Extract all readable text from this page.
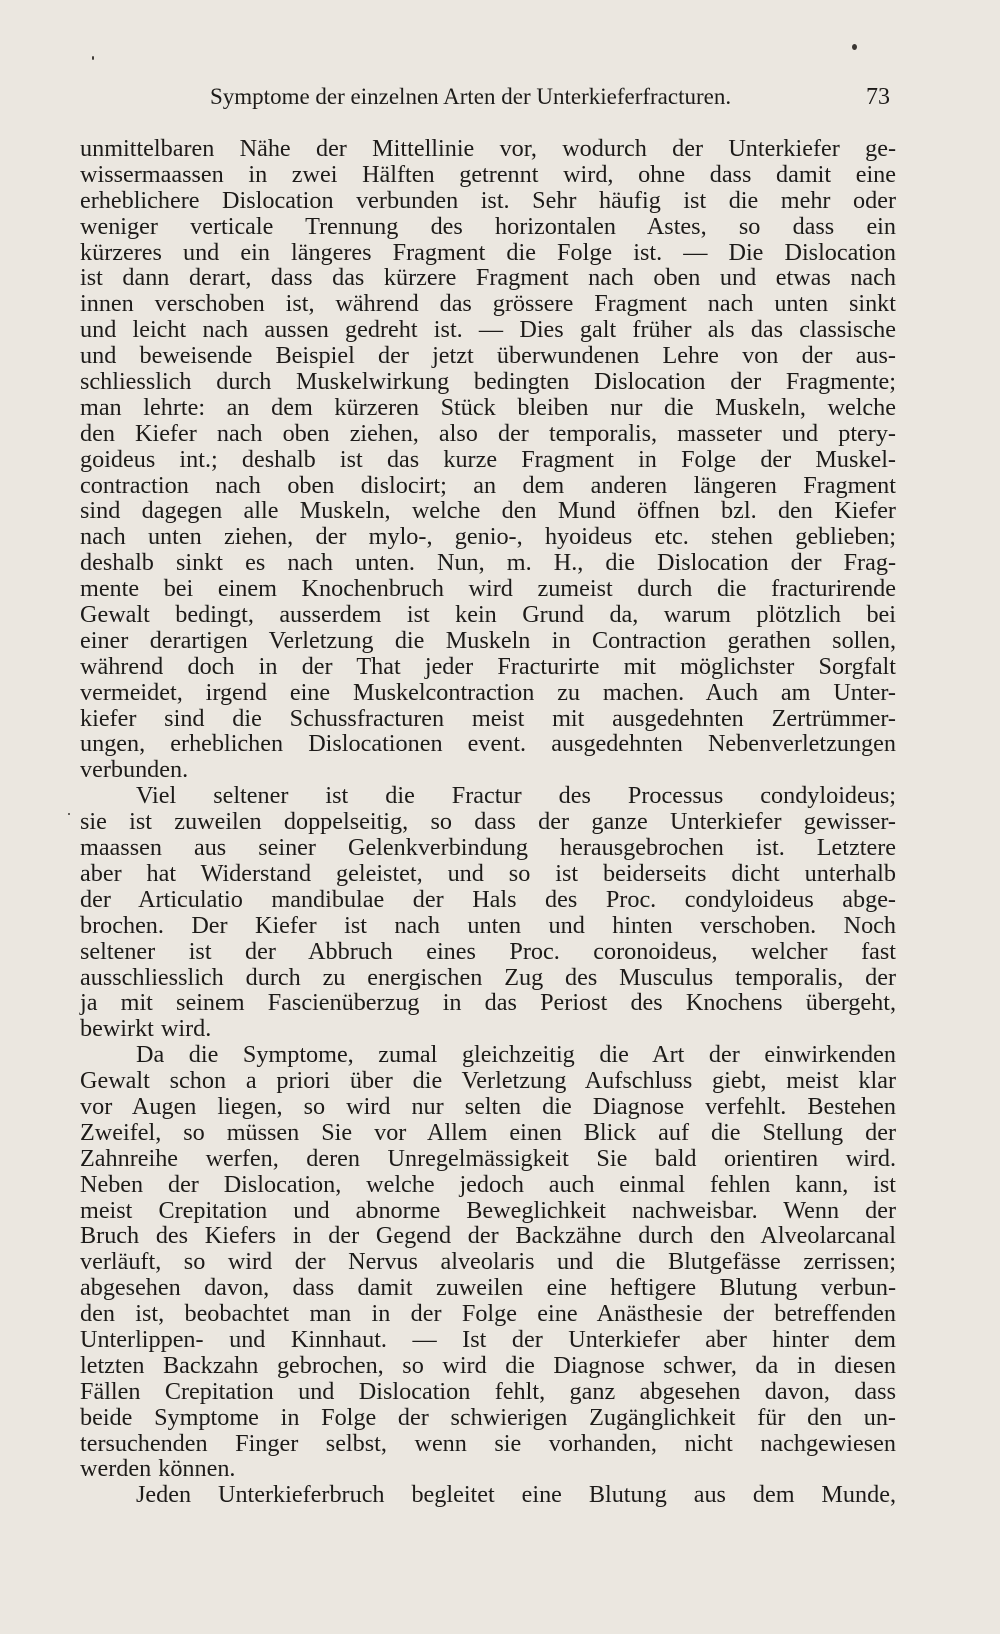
Symptome der einzelnen Arten der Unterkieferfracturen.	73
unmittelbaren Nähe der Mittellinie vor, wodurch der Unterkiefer ge-
wissermaassen in zwei Hälften getrennt wird, ohne dass damit eine
erheblichere Dislocation verbunden ist. Sehr häufig ist die mehr oder
weniger verticale Trennung des horizontalen Astes, so dass ein
kürzeres und ein längeres Fragment die Folge ist. — Die Dislocation
ist dann derart, dass das kürzere Fragment nach oben und etwas nach
innen verschoben ist, während das grössere Fragment nach unten sinkt
und leicht nach aussen gedreht ist. — Dies galt früher als das classische
und beweisende Beispiel der jetzt überwundenen Lehre von der aus-
schliesslich durch Muskelwirkung bedingten Dislocation der Fragmente;
man lehrte: an dem kürzeren Stück bleiben nur die Muskeln, welche
den Kiefer nach oben ziehen, also der temporalis, masseter und ptery-
goideus int.; deshalb ist das kurze Fragment in Folge der Muskel-
contraction nach oben dislocirt; an dem anderen längeren Fragment
sind dagegen alle Muskeln, welche den Mund öffnen bzl. den Kiefer
nach unten ziehen, der mylo-, genio-, hyoideus etc. stehen geblieben;
deshalb sinkt es nach unten. Nun, m. H., die Dislocation der Frag-
mente bei einem Knochenbruch wird zumeist durch die fracturirende
Gewalt bedingt, ausserdem ist kein Grund da, warum plötzlich bei
einer derartigen Verletzung die Muskeln in Contraction gerathen sollen,
während doch in der That jeder Fracturirte mit möglichster Sorgfalt
vermeidet, irgend eine Muskelcontraction zu machen. Auch am Unter-
kiefer sind die Schussfracturen meist mit ausgedehnten Zertrümmer-
ungen, erheblichen Dislocationen event. ausgedehnten Nebenverletzungen
verbunden.
Viel seltener ist die Fractur des Processus condyloideus;
sie ist zuweilen doppelseitig, so dass der ganze Unterkiefer gewisser-
maassen aus seiner Gelenkverbindung herausgebrochen ist. Letztere
aber hat Widerstand geleistet, und so ist beiderseits dicht unterhalb
der Articulatio mandibulae der Hals des Proc. condyloideus abge-
brochen. Der Kiefer ist nach unten und hinten verschoben. Noch
seltener ist der Abbruch eines Proc. coronoideus, welcher fast
ausschliesslich durch zu energischen Zug des Musculus temporalis, der
ja mit seinem Fascienüberzug in das Periost des Knochens übergeht,
bewirkt wird.
Da die Symptome, zumal gleichzeitig die Art der einwirkenden
Gewalt schon a priori über die Verletzung Aufschluss giebt, meist klar
vor Augen liegen, so wird nur selten die Diagnose verfehlt. Bestehen
Zweifel, so müssen Sie vor Allem einen Blick auf die Stellung der
Zahnreihe werfen, deren Unregelmässigkeit Sie bald orientiren wird.
Neben der Dislocation, welche jedoch auch einmal fehlen kann, ist
meist Crepitation und abnorme Beweglichkeit nachweisbar. Wenn der
Bruch des Kiefers in der Gegend der Backzähne durch den Alveolarcanal
verläuft, so wird der Nervus alveolaris und die Blutgefässe zerrissen;
abgesehen davon, dass damit zuweilen eine heftigere Blutung verbun-
den ist, beobachtet man in der Folge eine Anästhesie der betreffenden
Unterlippen- und Kinnhaut. — Ist der Unterkiefer aber hinter dem
letzten Backzahn gebrochen, so wird die Diagnose schwer, da in diesen
Fällen Crepitation und Dislocation fehlt, ganz abgesehen davon, dass
beide Symptome in Folge der schwierigen Zugänglichkeit für den un-
tersuchenden Finger selbst, wenn sie vorhanden, nicht nachgewiesen
werden können.
Jeden Unterkieferbruch begleitet eine Blutung aus dem Munde,
